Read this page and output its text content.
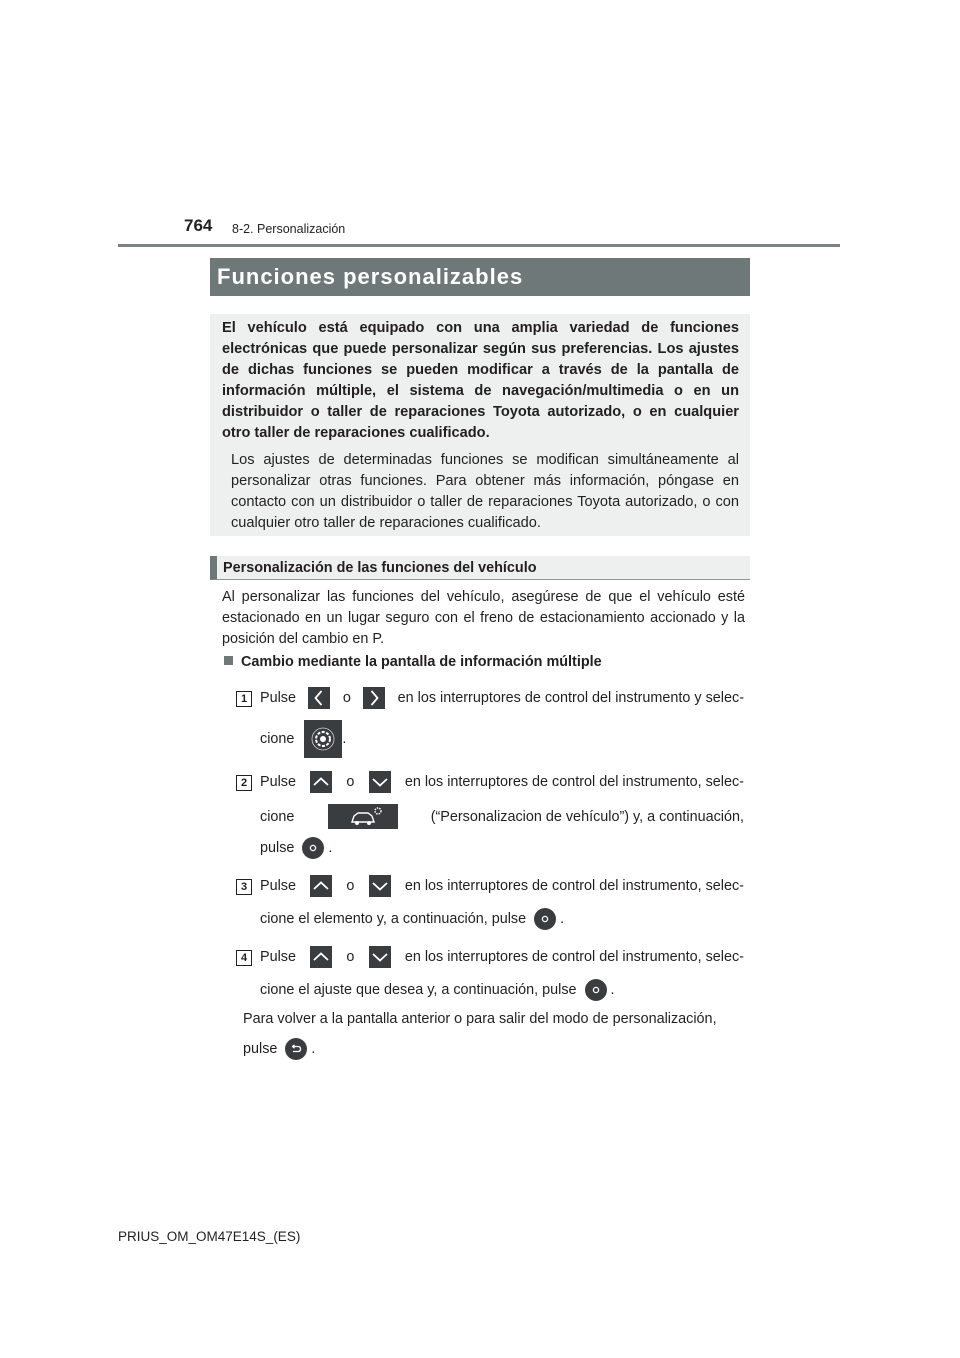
764 8-2. Personalización
Funciones personalizables

El vehículo está equipado con una amplia variedad de funciones electrónicas que puede personalizar según sus preferencias. Los ajustes de dichas funciones se pueden modificar a través de la pantalla de información múltiple, el sistema de navegación/multimedia o en un distribuidor o taller de reparaciones Toyota autorizado, o en cualquier otro taller de reparaciones cualificado.

Los ajustes de determinadas funciones se modifican simultáneamente al personalizar otras funciones. Para obtener más información, póngase en contacto con un distribuidor o taller de reparaciones Toyota autorizado, o con cualquier otro taller de reparaciones cualificado.

Personalización de las funciones del vehículo

Al personalizar las funciones del vehículo, asegúrese de que el vehículo esté estacionado en un lugar seguro con el freno de estacionamiento accionado y la posición del cambio en P.

Cambio mediante la pantalla de información múltiple
1 Pulse	o	en los interruptores de control del instrumento y selec-
cione	.
2 Pulse	o	en los interruptores de control del instrumento, selec-
cione	(“Personalizacion de vehículo”) y, a continuación,
pulse .
3 Pulse	o	en los interruptores de control del instrumento, selec-
cione el elemento y, a continuación, pulse .
4 Pulse	o	en los interruptores de control del instrumento, selec-
cione el ajuste que desea y, a continuación, pulse .
Para volver a la pantalla anterior o para salir del modo de personalización,
pulse .
PRIUS_OM_OM47E14S_(ES)
